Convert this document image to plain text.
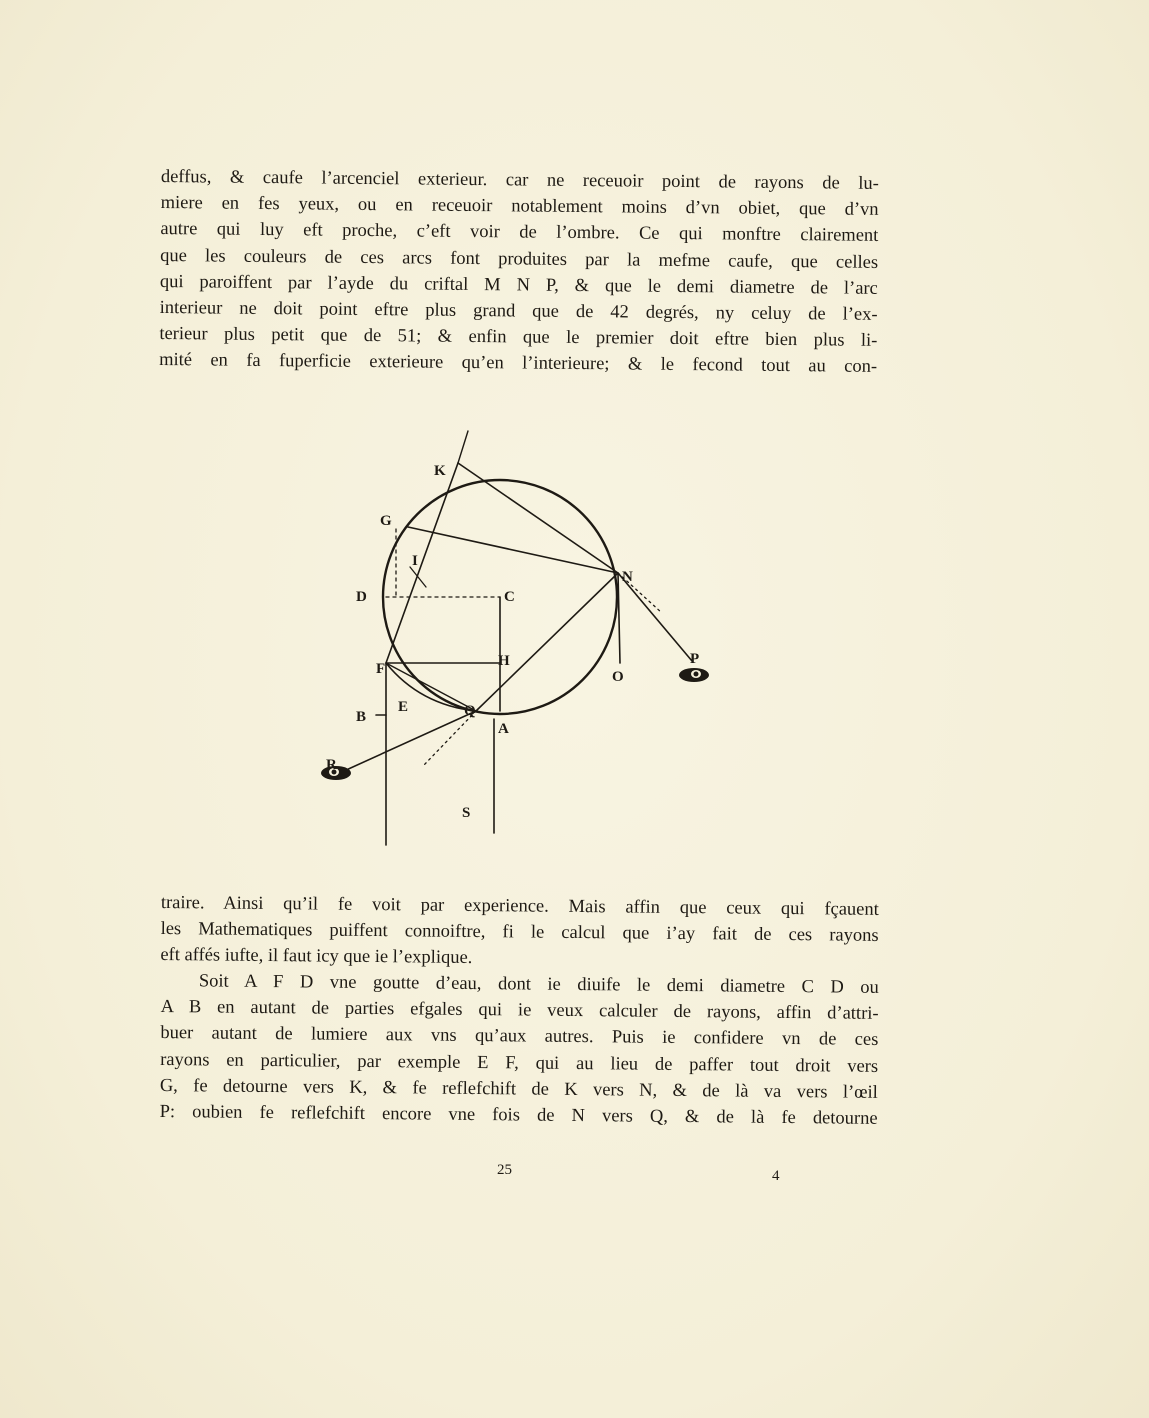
deffus, & caufe l’arcenciel exterieur. car ne receuoir point de rayons de lu-
miere en fes yeux, ou en receuoir notablement moins d’vn obiet, que d’vn
autre qui luy eft proche, c’eft voir de l’ombre. Ce qui monftre clairement
que les couleurs de ces arcs font produites par la mefme caufe, que celles
qui paroiffent par l’ayde du criftal M N P, & que le demi diametre de l’arc
interieur ne doit point eftre plus grand que de 42 degrés, ny celuy de l’ex-
terieur plus petit que de 51; & enfin que le premier doit eftre bien plus li-
mité en fa fuperficie exterieure qu’en l’interieure; & le fecond tout au con-
K
G
I
D	C
N
F	H
O
P
B
E	Q
A
R
S
traire. Ainsi qu’il fe voit par experience. Mais affin que ceux qui fçauent
les Mathematiques puiffent connoiftre, fi le calcul que i’ay fait de ces rayons
eft affés iufte, il faut icy que ie l’explique.
Soit A F D vne goutte d’eau, dont ie diuife le demi diametre C D ou
A B en autant de parties efgales qui ie veux calculer de rayons, affin d’attri-
buer autant de lumiere aux vns qu’aux autres. Puis ie confidere vn de ces
rayons en particulier, par exemple E F, qui au lieu de paffer tout droit vers
G, fe detourne vers K, & fe reflefchift de K vers N, & de là va vers l’œil
P: oubien fe reflefchift encore vne fois de N vers Q, & de là fe detourne
25	4
